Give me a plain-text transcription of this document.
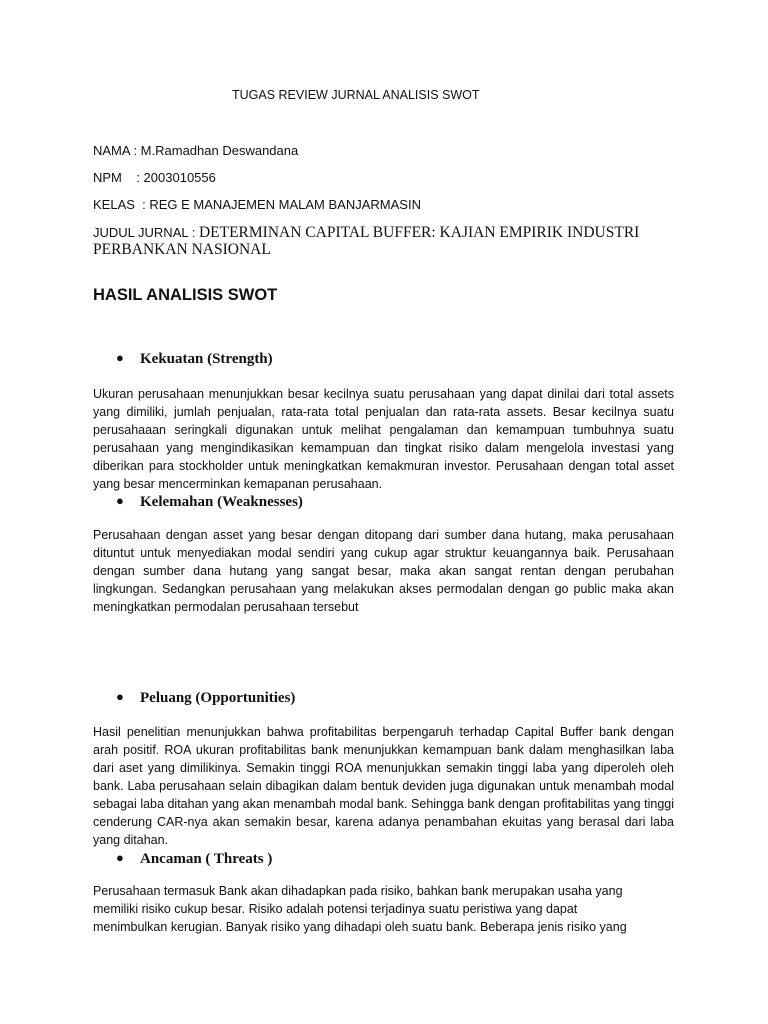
TUGAS REVIEW JURNAL ANALISIS SWOT
NAMA : M.Ramadhan Deswandana
NPM    : 2003010556
KELAS  : REG E MANAJEMEN MALAM BANJARMASIN
JUDUL JURNAL : DETERMINAN CAPITAL BUFFER: KAJIAN EMPIRIK INDUSTRI PERBANKAN NASIONAL
HASIL ANALISIS SWOT
● Kekuatan (Strength)

Ukuran perusahaan menunjukkan besar kecilnya suatu perusahaan yang dapat dinilai dari total assets yang dimiliki, jumlah penjualan, rata-rata total penjualan dan rata-rata assets. Besar kecilnya suatu perusahaaan seringkali digunakan untuk melihat pengalaman dan kemampuan tumbuhnya suatu perusahaan yang mengindikasikan kemampuan dan tingkat risiko dalam mengelola investasi yang diberikan para stockholder untuk meningkatkan kemakmuran investor. Perusahaan dengan total asset yang besar mencerminkan kemapanan perusahaan.

● Kelemahan (Weaknesses)

Perusahaan dengan asset yang besar dengan ditopang dari sumber dana hutang, maka perusahaan dituntut untuk menyediakan modal sendiri yang cukup agar struktur keuangannya baik. Perusahaan dengan sumber dana hutang yang sangat besar, maka akan sangat rentan dengan perubahan lingkungan. Sedangkan perusahaan yang melakukan akses permodalan dengan go public maka akan meningkatkan permodalan perusahaan tersebut

● Peluang (Opportunities)

Hasil penelitian menunjukkan bahwa profitabilitas berpengaruh terhadap Capital Buffer bank dengan arah positif. ROA ukuran profitabilitas bank menunjukkan kemampuan bank dalam menghasilkan laba dari aset yang dimilikinya. Semakin tinggi ROA menunjukkan semakin tinggi laba yang diperoleh oleh bank. Laba perusahaan selain dibagikan dalam bentuk deviden juga digunakan untuk menambah modal sebagai laba ditahan yang akan menambah modal bank. Sehingga bank dengan profitabilitas yang tinggi cenderung CAR-nya akan semakin besar, karena adanya penambahan ekuitas yang berasal dari laba yang ditahan.

● Ancaman ( Threats )

Perusahaan termasuk Bank akan dihadapkan pada risiko, bahkan bank merupakan usaha yang memiliki risiko cukup besar. Risiko adalah potensi terjadinya suatu peristiwa yang dapat menimbulkan kerugian. Banyak risiko yang dihadapi oleh suatu bank. Beberapa jenis risiko yang
